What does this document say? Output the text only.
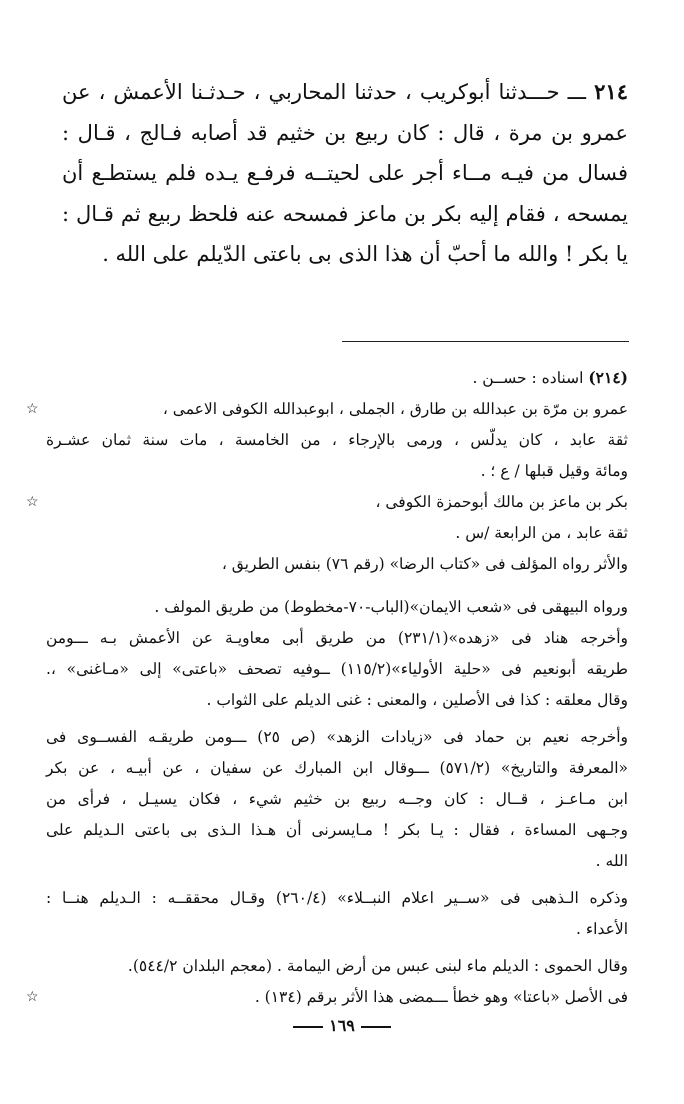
٢١٤ ـــ حـــدثنا أبوكريب ، حدثنا المحاربي ، حـدثـنا الأعمش ، عن
عمرو بن مرة ، قال : كان ربيع بن خثيم قد أصابه فـالج ، قـال :
فسال من فيـه مــاء أجر على لحيتــه فرفـع يـده فلم يستطـع أن
يمسحه ، فقام إليه بكر بن ماعز فمسحه عنه فلحظ ربيع ثم قـال :
يا بكر ! والله ما أحبّ أن هذا الذى بى باعتى الدّيلم على الله .
(٢١٤) اسناده : حســن .
☆	عمرو بن مرّة بن عبدالله بن طارق ، الجملى ، ابوعبدالله الكوفى الاعمى ،
ثقة عابد ، كان يدلّس ، ورمى بالإرجاء ، من الخامسة ، مات سنة ثمان عشـرة
ومائة وقيل قبلها / ع ؛ .
☆	بكر بن ماعز بن مالك أبوحمزة الكوفى ،
ثقة عابد ، من الرابعة /س .
والأثر رواه المؤلف فى «كتاب الرضا» (رقم ٧٦) بنفس الطريق ،
ورواه البيهقى فى «شعب الايمان»(الباب-٧٠-مخطوط) من طريق المولف .
وأخرجه هناد فى «زهده»(٢٣١/١) من طريق أبى معاويـة عن الأعمش بـه ـــومن
طريقه أبونعيم فى «حلية الأولياء»(١١٥/٢) ــوفيه تصحف «باعتى» إلى «مـاغنى» ،.
وقال معلقه : كذا فى الأصلين ، والمعنى : غنى الديلم على الثواب .
وأخرجه نعيم بن حماد فى «زيادات الزهد» (ص ٢٥) ـــومن طريقـه الفســوى فى
«المعرفة والتاريخ» (٥٧١/٢) ـــوقال ابن المبارك عن سفيان ، عن أبيـه ، عن بكر
ابن مـاعـز ، قــال : كان وجــه ربيع بن خثيم شيء ، فكان يسيـل ، فرأى من
وجـهى المساءة ، فقال : يـا بكر ! مـايسرنى أن هـذا الـذى بى باعتى الـديلم على
الله .
وذكره الـذهبى فى «ســير اعلام النبــلاء» (٢٦٠/٤) وقـال محققــه : الـديلم هنــا :
الأعداء .
وقال الحموى : الديلم ماء لبنى عبس من أرض اليمامة . (معجم البلدان ٥٤٤/٢).
☆	فى الأصل «باعتا» وهو خطأ ـــمضى هذا الأثر برقم (١٣٤) .
١٦٩
